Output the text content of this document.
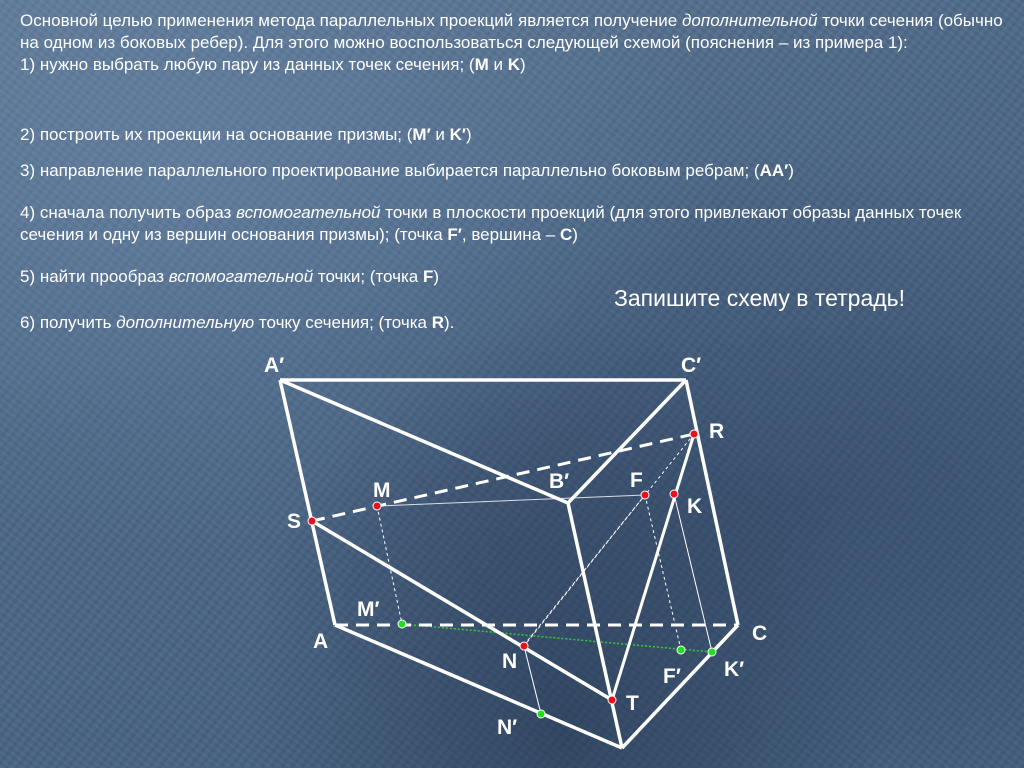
Основной целью применения метода параллельных проекций является получение дополнительной точки сечения (обычно на одном из боковых ребер). Для этого можно воспользоваться следующей схемой (пояснения – из примера 1):
1) нужно выбрать любую пару из данных точек сечения; (M и K)

2) построить их проекции на основание призмы; (M′ и K′)

3) направление параллельного проектирование выбирается параллельно боковым ребрам; (AA′)

4) сначала получить образ вспомогательной точки в плоскости проекций (для этого привлекают образы данных точек сечения и одну из вершин основания призмы); (точка F′, вершина – C)

5) найти прообраз вспомогательной точки; (точка F)

6) получить дополнительную точку сечения; (точка R).

Запишите схему в тетрадь!
A′	C′
R
F
B′
M
K
S
M′
A	C
N
F′ K′
T
N′
